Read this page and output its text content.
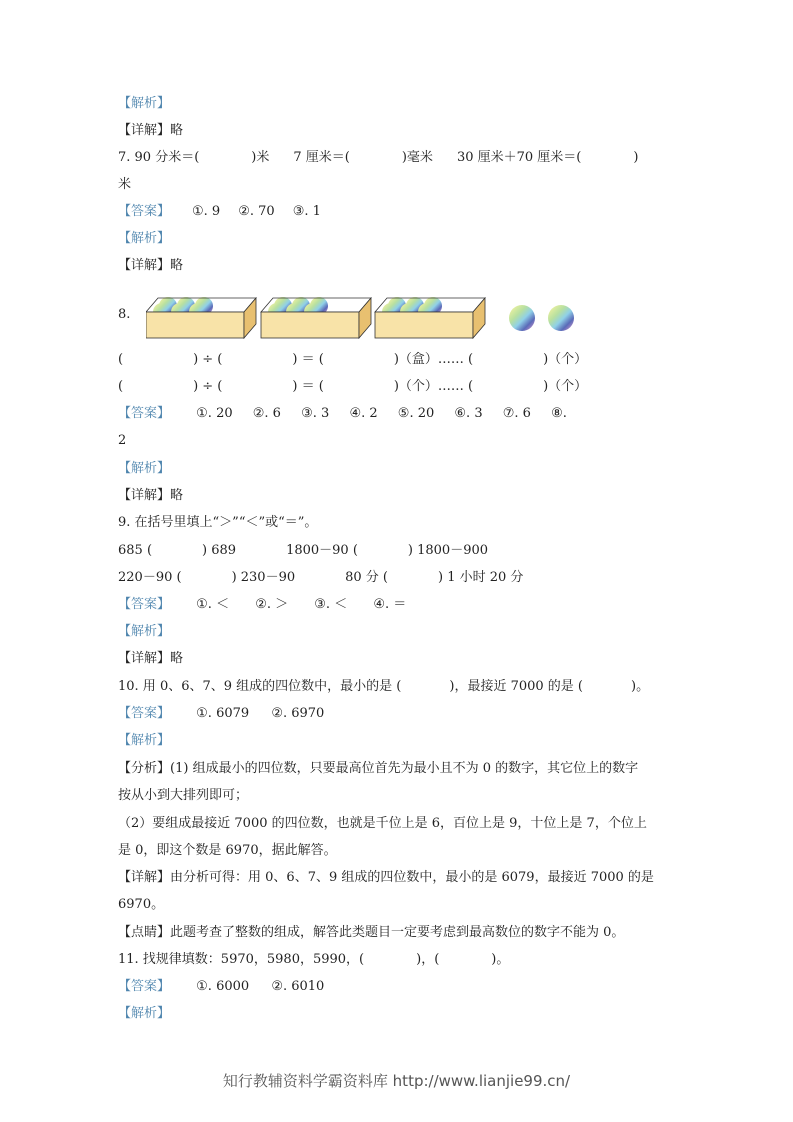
【解析】
【详解】略
7. 90 分米＝(	)米 7 厘米＝(	)毫米 30 厘米＋70 厘米＝(	)
米
【答案】 ①. 9 ②. 70 ③. 1
【解析】
【详解】略
8.
(	) ÷ (	) ＝ (	)（盒）…… (	)（个）
(	) ÷ (	) ＝ (	)（个）…… (	)（个）
【答案】 ①. 20 ②. 6 ③. 3 ④. 2 ⑤. 20 ⑥. 3 ⑦. 6 ⑧.
2
【解析】
【详解】略
9. 在括号里填上“＞”“＜”或“＝”。
685 (	) 689	1800－90 (	) 1800－900
220－90 (	) 230－90	80 分 (	) 1 小时 20 分
【答案】 ①. ＜ ②. ＞ ③. ＜ ④. ＝
【解析】
【详解】略
10. 用 0、6、7、9 组成的四位数中，最小的是 (	)，最接近 7000 的是 (	)。
【答案】 ①. 6079 ②. 6970
【解析】
【分析】(1) 组成最小的四位数，只要最高位首先为最小且不为 0 的数字，其它位上的数字
按从小到大排列即可；
（2）要组成最接近 7000 的四位数，也就是千位上是 6，百位上是 9，十位上是 7，个位上
是 0，即这个数是 6970，据此解答。
【详解】由分析可得：用 0、6、7、9 组成的四位数中，最小的是 6079，最接近 7000 的是
6970。
【点睛】此题考查了整数的组成，解答此类题目一定要考虑到最高数位的数字不能为 0。
11. 找规律填数：5970，5980，5990，(	)，(	)。
【答案】 ①. 6000 ②. 6010
【解析】
知行教辅资料学霸资料库 http://www.lianjie99.cn/
